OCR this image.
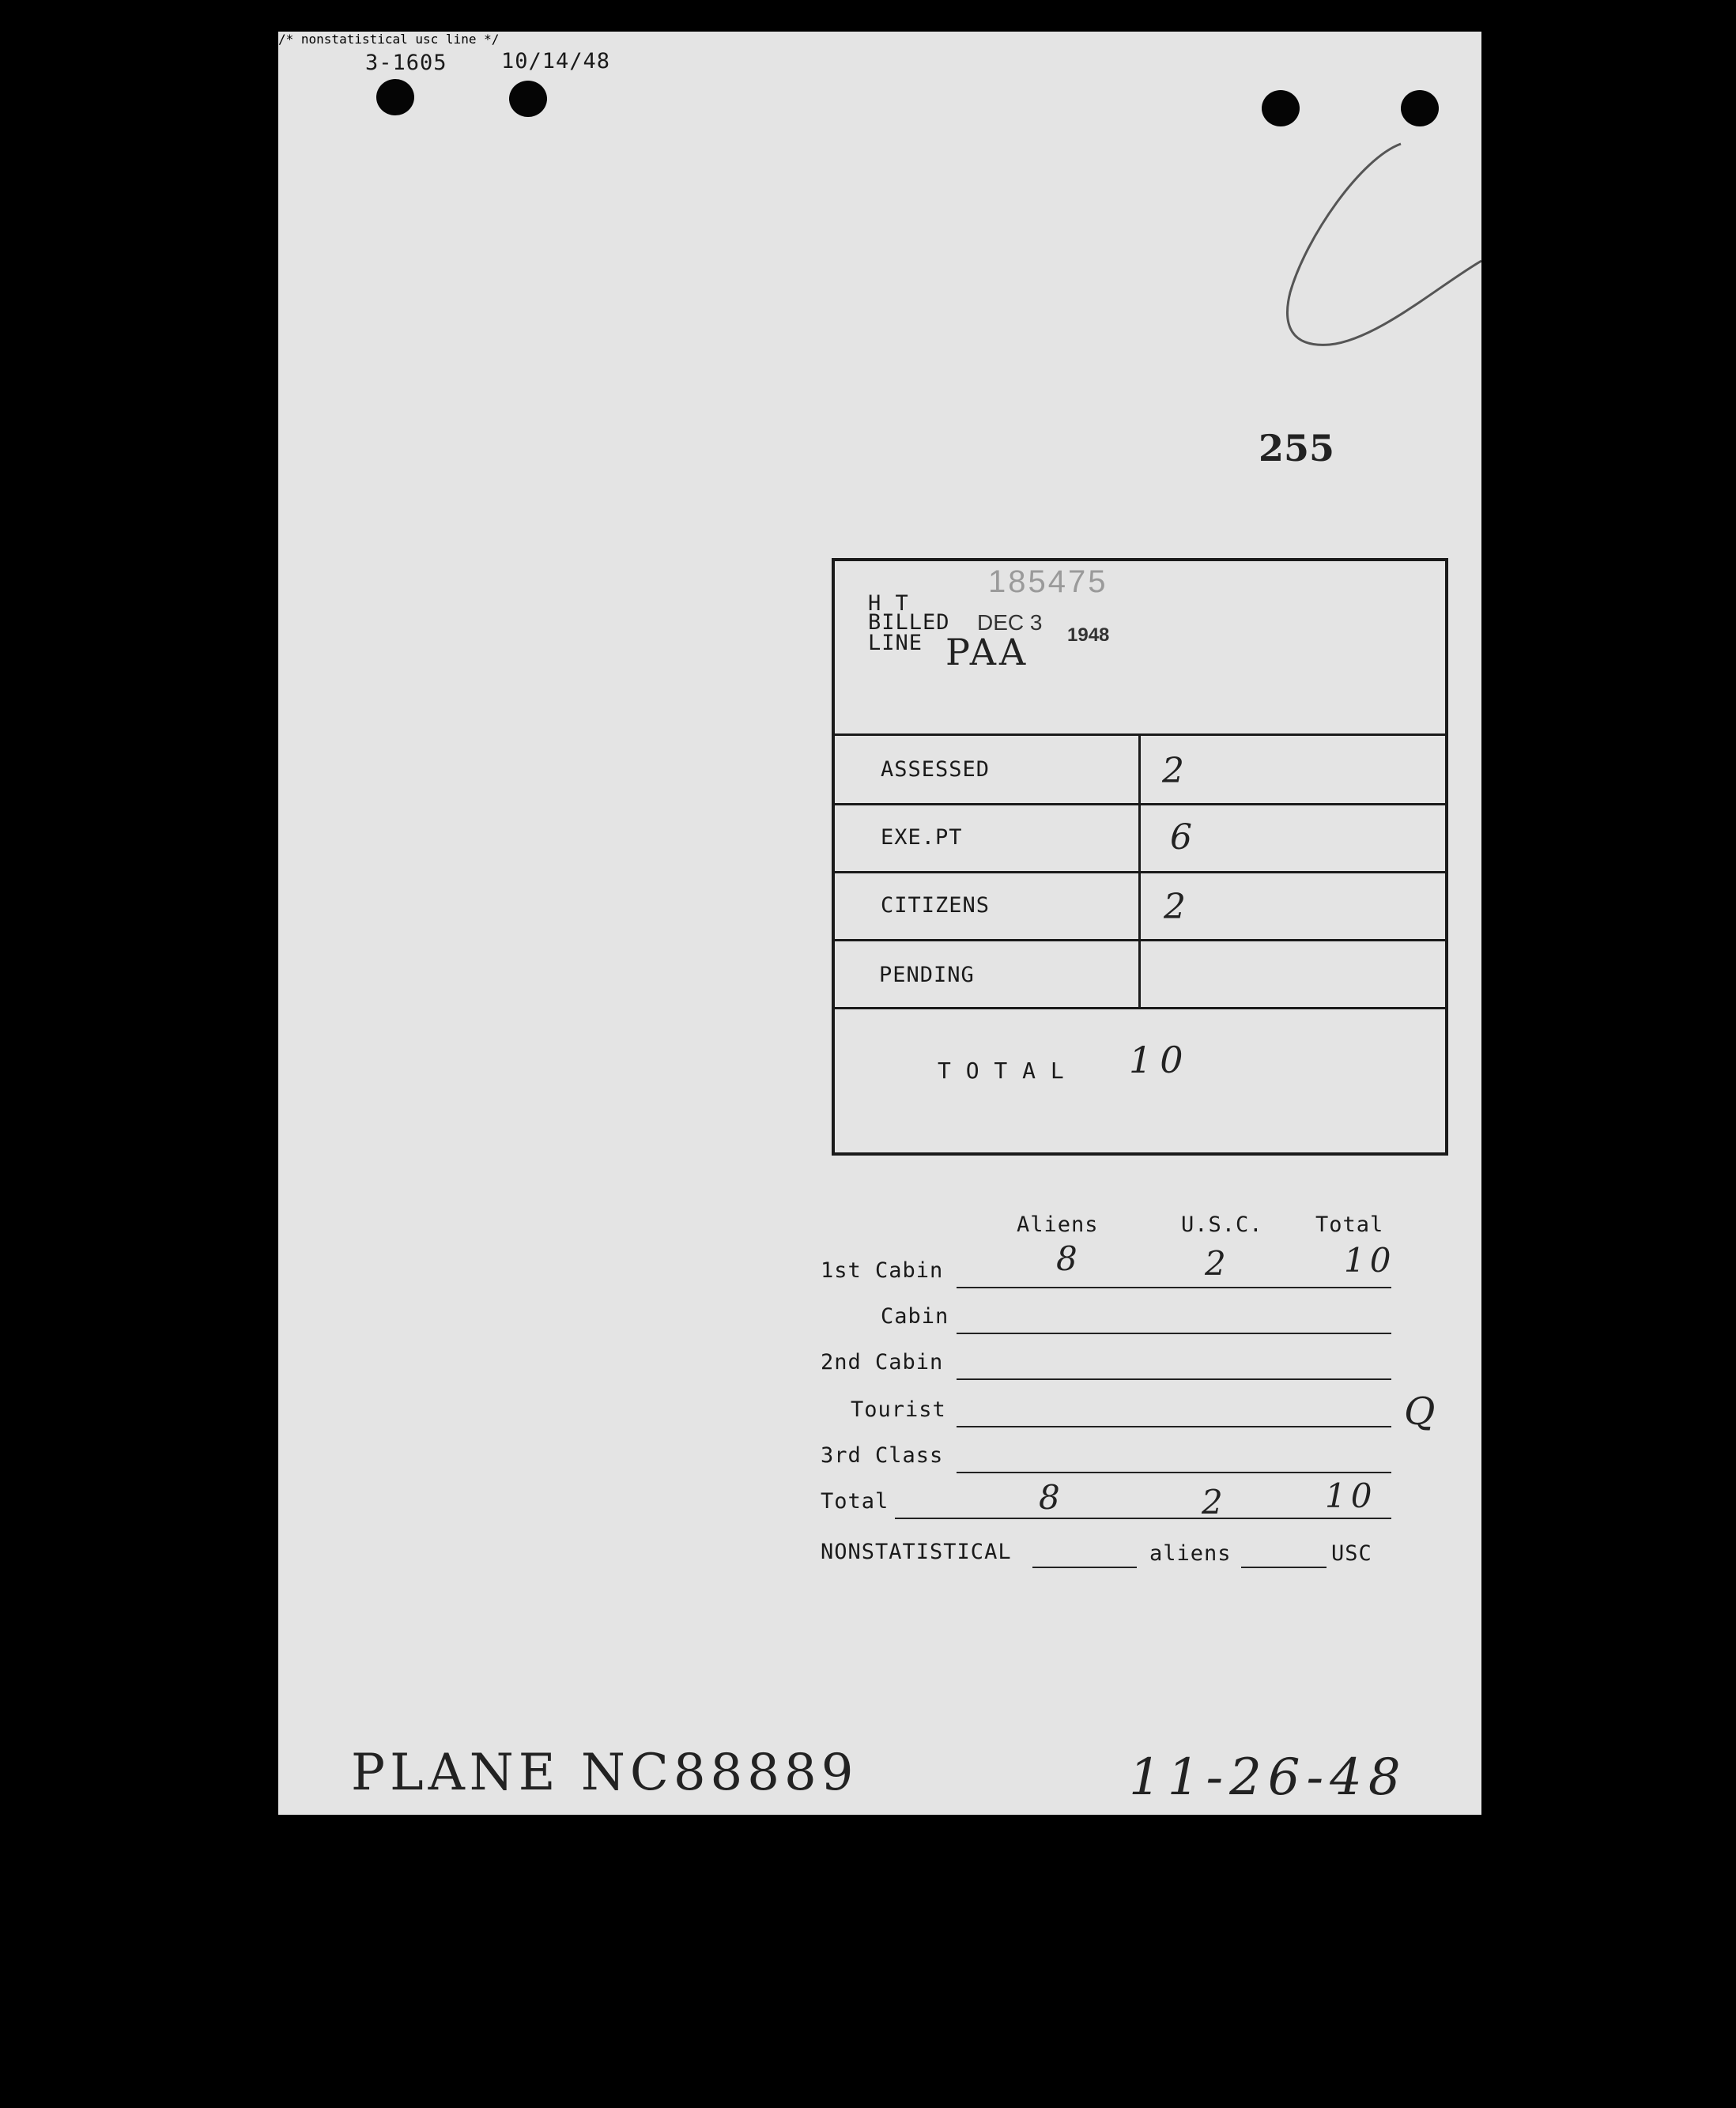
3-1605	10/14/48
255
185475
H T
BILLED DEC 3
1948
LINE PAA
ASSESSED	2
EXE.PT	6
CITIZENS	2
PENDING
T O T A L 10
Aliens	U.S.C. Total
1st Cabin	8	2	10
Cabin
2nd Cabin
Tourist	Q
3rd Class
Total	8	2	10
NONSTATISTICAL	aliens
/* nonstatistical usc line */
USC
PLANE NC88889	11-26-48
